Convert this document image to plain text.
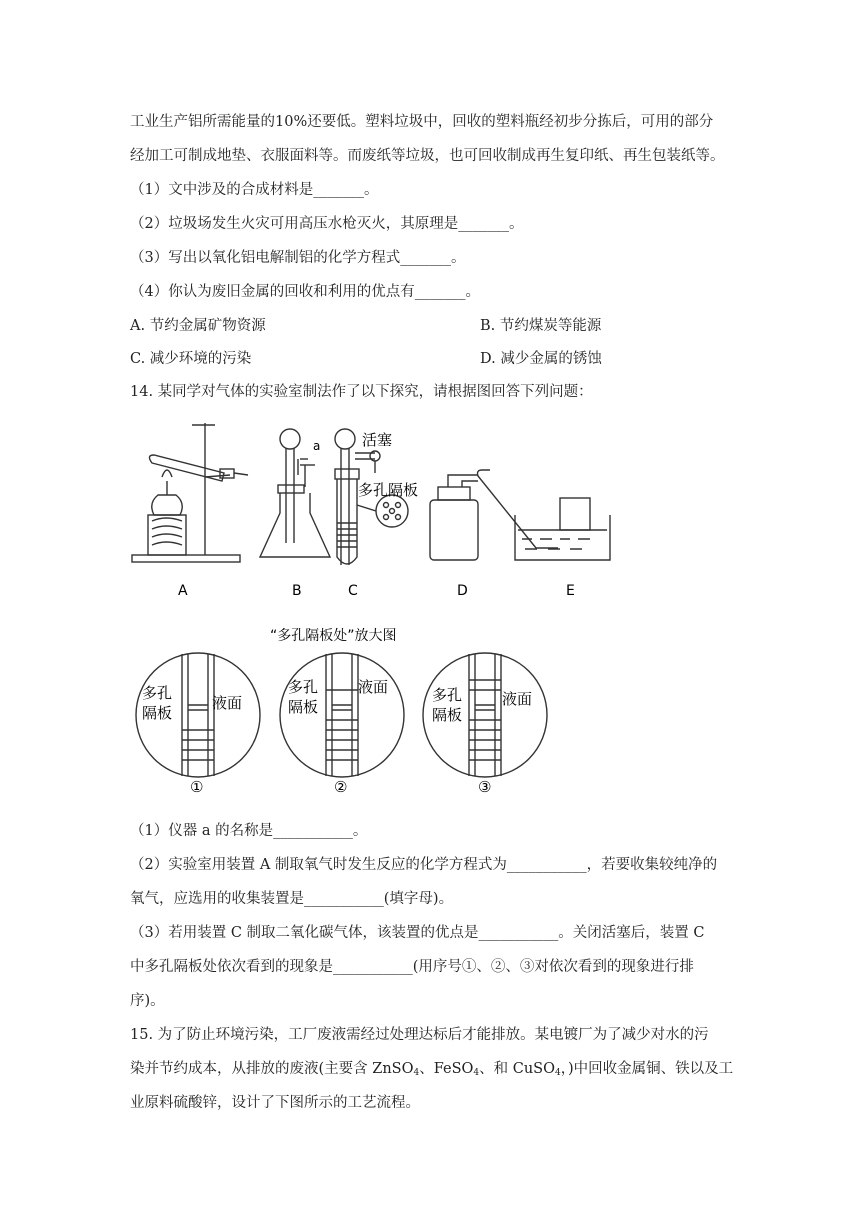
工业生产铝所需能量的10%还要低。塑料垃圾中，回收的塑料瓶经初步分拣后，可用的部分
经加工可制成地垫、衣服面料等。而废纸等垃圾，也可回收制成再生复印纸、再生包装纸等。
（1）文中涉及的合成材料是_______。
（2）垃圾场发生火灾可用高压水枪灭火，其原理是_______。
（3）写出以氧化铝电解制铝的化学方程式_______。
（4）你认为废旧金属的回收和利用的优点有_______。
A. 节约金属矿物资源	B. 节约煤炭等能源
C. 减少环境的污染	D. 减少金属的锈蚀
14. 某同学对气体的实验室制法作了以下探究，请根据图回答下列问题：
a	活塞
多孔隔板
A	B	C	D	E
“多孔隔板处”放大图
多孔
隔板
液面
多孔
隔板
液面	多孔
隔板
液面
①	②	③
（1）仪器 a 的名称是___________。
（2）实验室用装置 A 制取氧气时发生反应的化学方程式为___________，若要收集较纯净的
氧气，应选用的收集装置是___________(填字母)。
（3）若用装置 C 制取二氧化碳气体，该装置的优点是___________。关闭活塞后，装置 C
中多孔隔板处依次看到的现象是___________(用序号①、②、③对依次看到的现象进行排
序)。
15. 为了防止环境污染，工厂废液需经过处理达标后才能排放。某电镀厂为了减少对水的污
染并节约成本，从排放的废液(主要含 ZnSO$_4$、FeSO$_4$、和 CuSO$_4$，)中回收金属铜、铁以及工
业原料硫酸锌，设计了下图所示的工艺流程。
